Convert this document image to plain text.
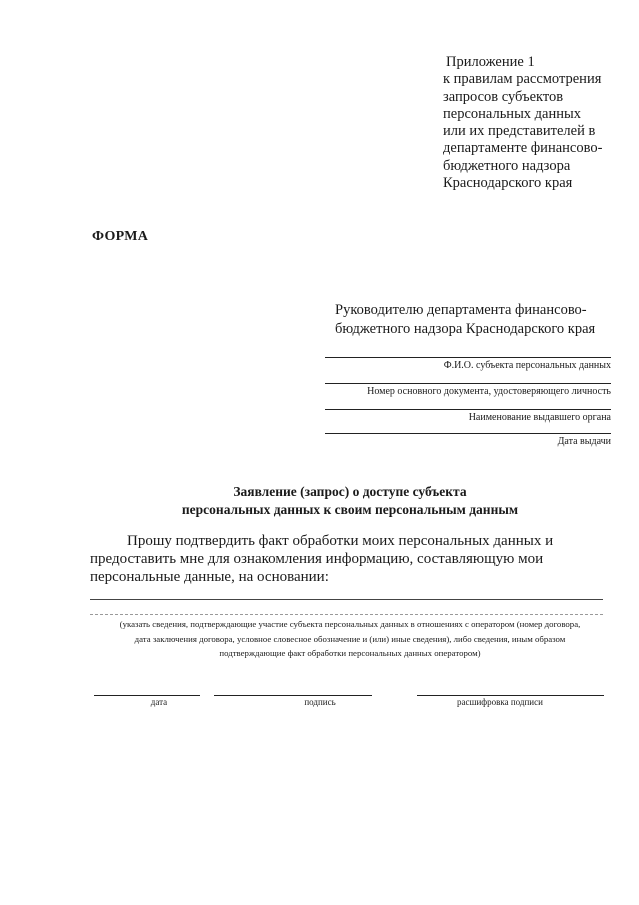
Приложение 1
к правилам рассмотрения
запросов субъектов
персональных данных
или их представителей в
департаменте финансово-
бюджетного надзора
Краснодарского края
ФОРМА
Руководителю департамента финансово-
бюджетного надзора Краснодарского края
Ф.И.О. субъекта персональных данных
Номер основного документа, удостоверяющего личность
Наименование выдавшего органа
Дата выдачи
Заявление (запрос) о доступе субъекта
персональных данных к своим персональным данным
Прошу подтвердить факт обработки моих персональных данных и
предоставить мне для ознакомления информацию, составляющую мои
персональные данные, на основании:
(указать сведения, подтверждающие участие субъекта персональных данных в отношениях с оператором (номер договора,
дата заключения договора, условное словесное обозначение и (или) иные сведения), либо сведения, иным образом
подтверждающие факт обработки персональных данных оператором)
дата	подпись	расшифровка подписи
